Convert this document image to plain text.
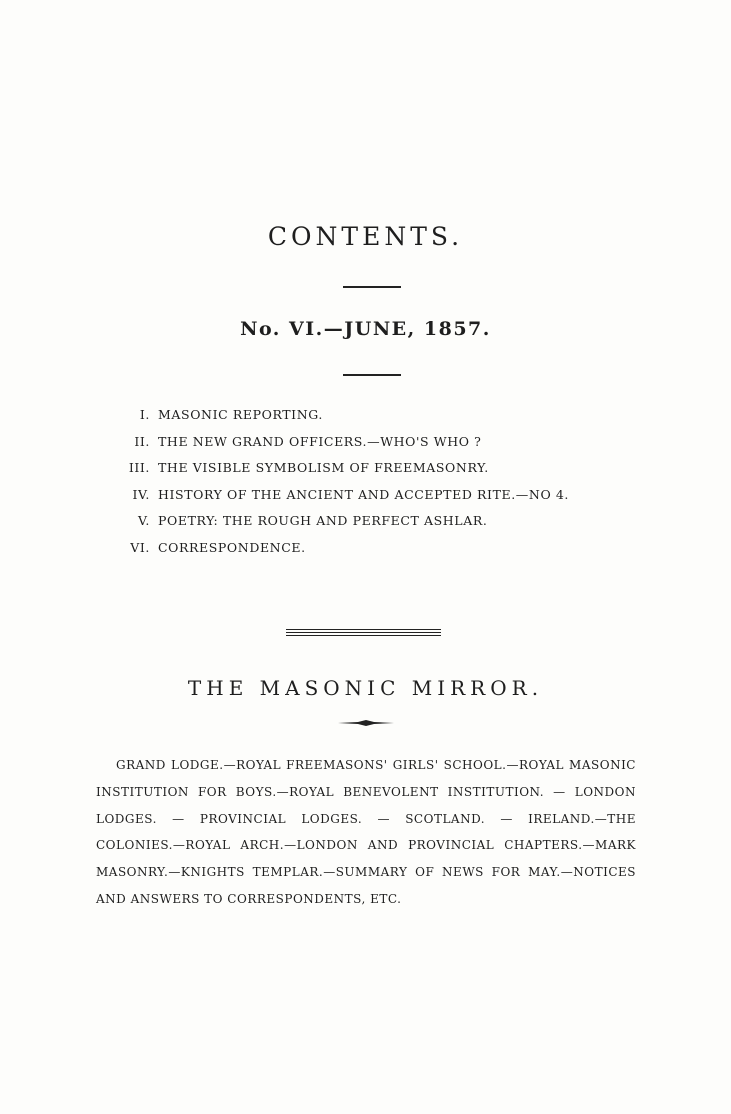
CONTENTS.
No. VI.—JUNE, 1857.
I. MASONIC REPORTING.
II. THE NEW GRAND OFFICERS.—WHO'S WHO ?
III. THE VISIBLE SYMBOLISM OF FREEMASONRY.
IV. HISTORY OF THE ANCIENT AND ACCEPTED RITE.—NO 4.
V. POETRY: THE ROUGH AND PERFECT ASHLAR.
VI. CORRESPONDENCE.
THE MASONIC MIRROR.
GRAND LODGE.—ROYAL FREEMASONS' GIRLS' SCHOOL.—ROYAL MASONIC INSTITUTION FOR BOYS.—ROYAL BENEVOLENT INSTITUTION. — LONDON LODGES. — PROVINCIAL LODGES. — SCOTLAND. — IRELAND.—THE COLONIES.—ROYAL ARCH.—LONDON AND PROVINCIAL CHAPTERS.—MARK MASONRY.—KNIGHTS TEMPLAR.—SUMMARY OF NEWS FOR MAY.—NOTICES AND ANSWERS TO CORRESPONDENTS, ETC.
